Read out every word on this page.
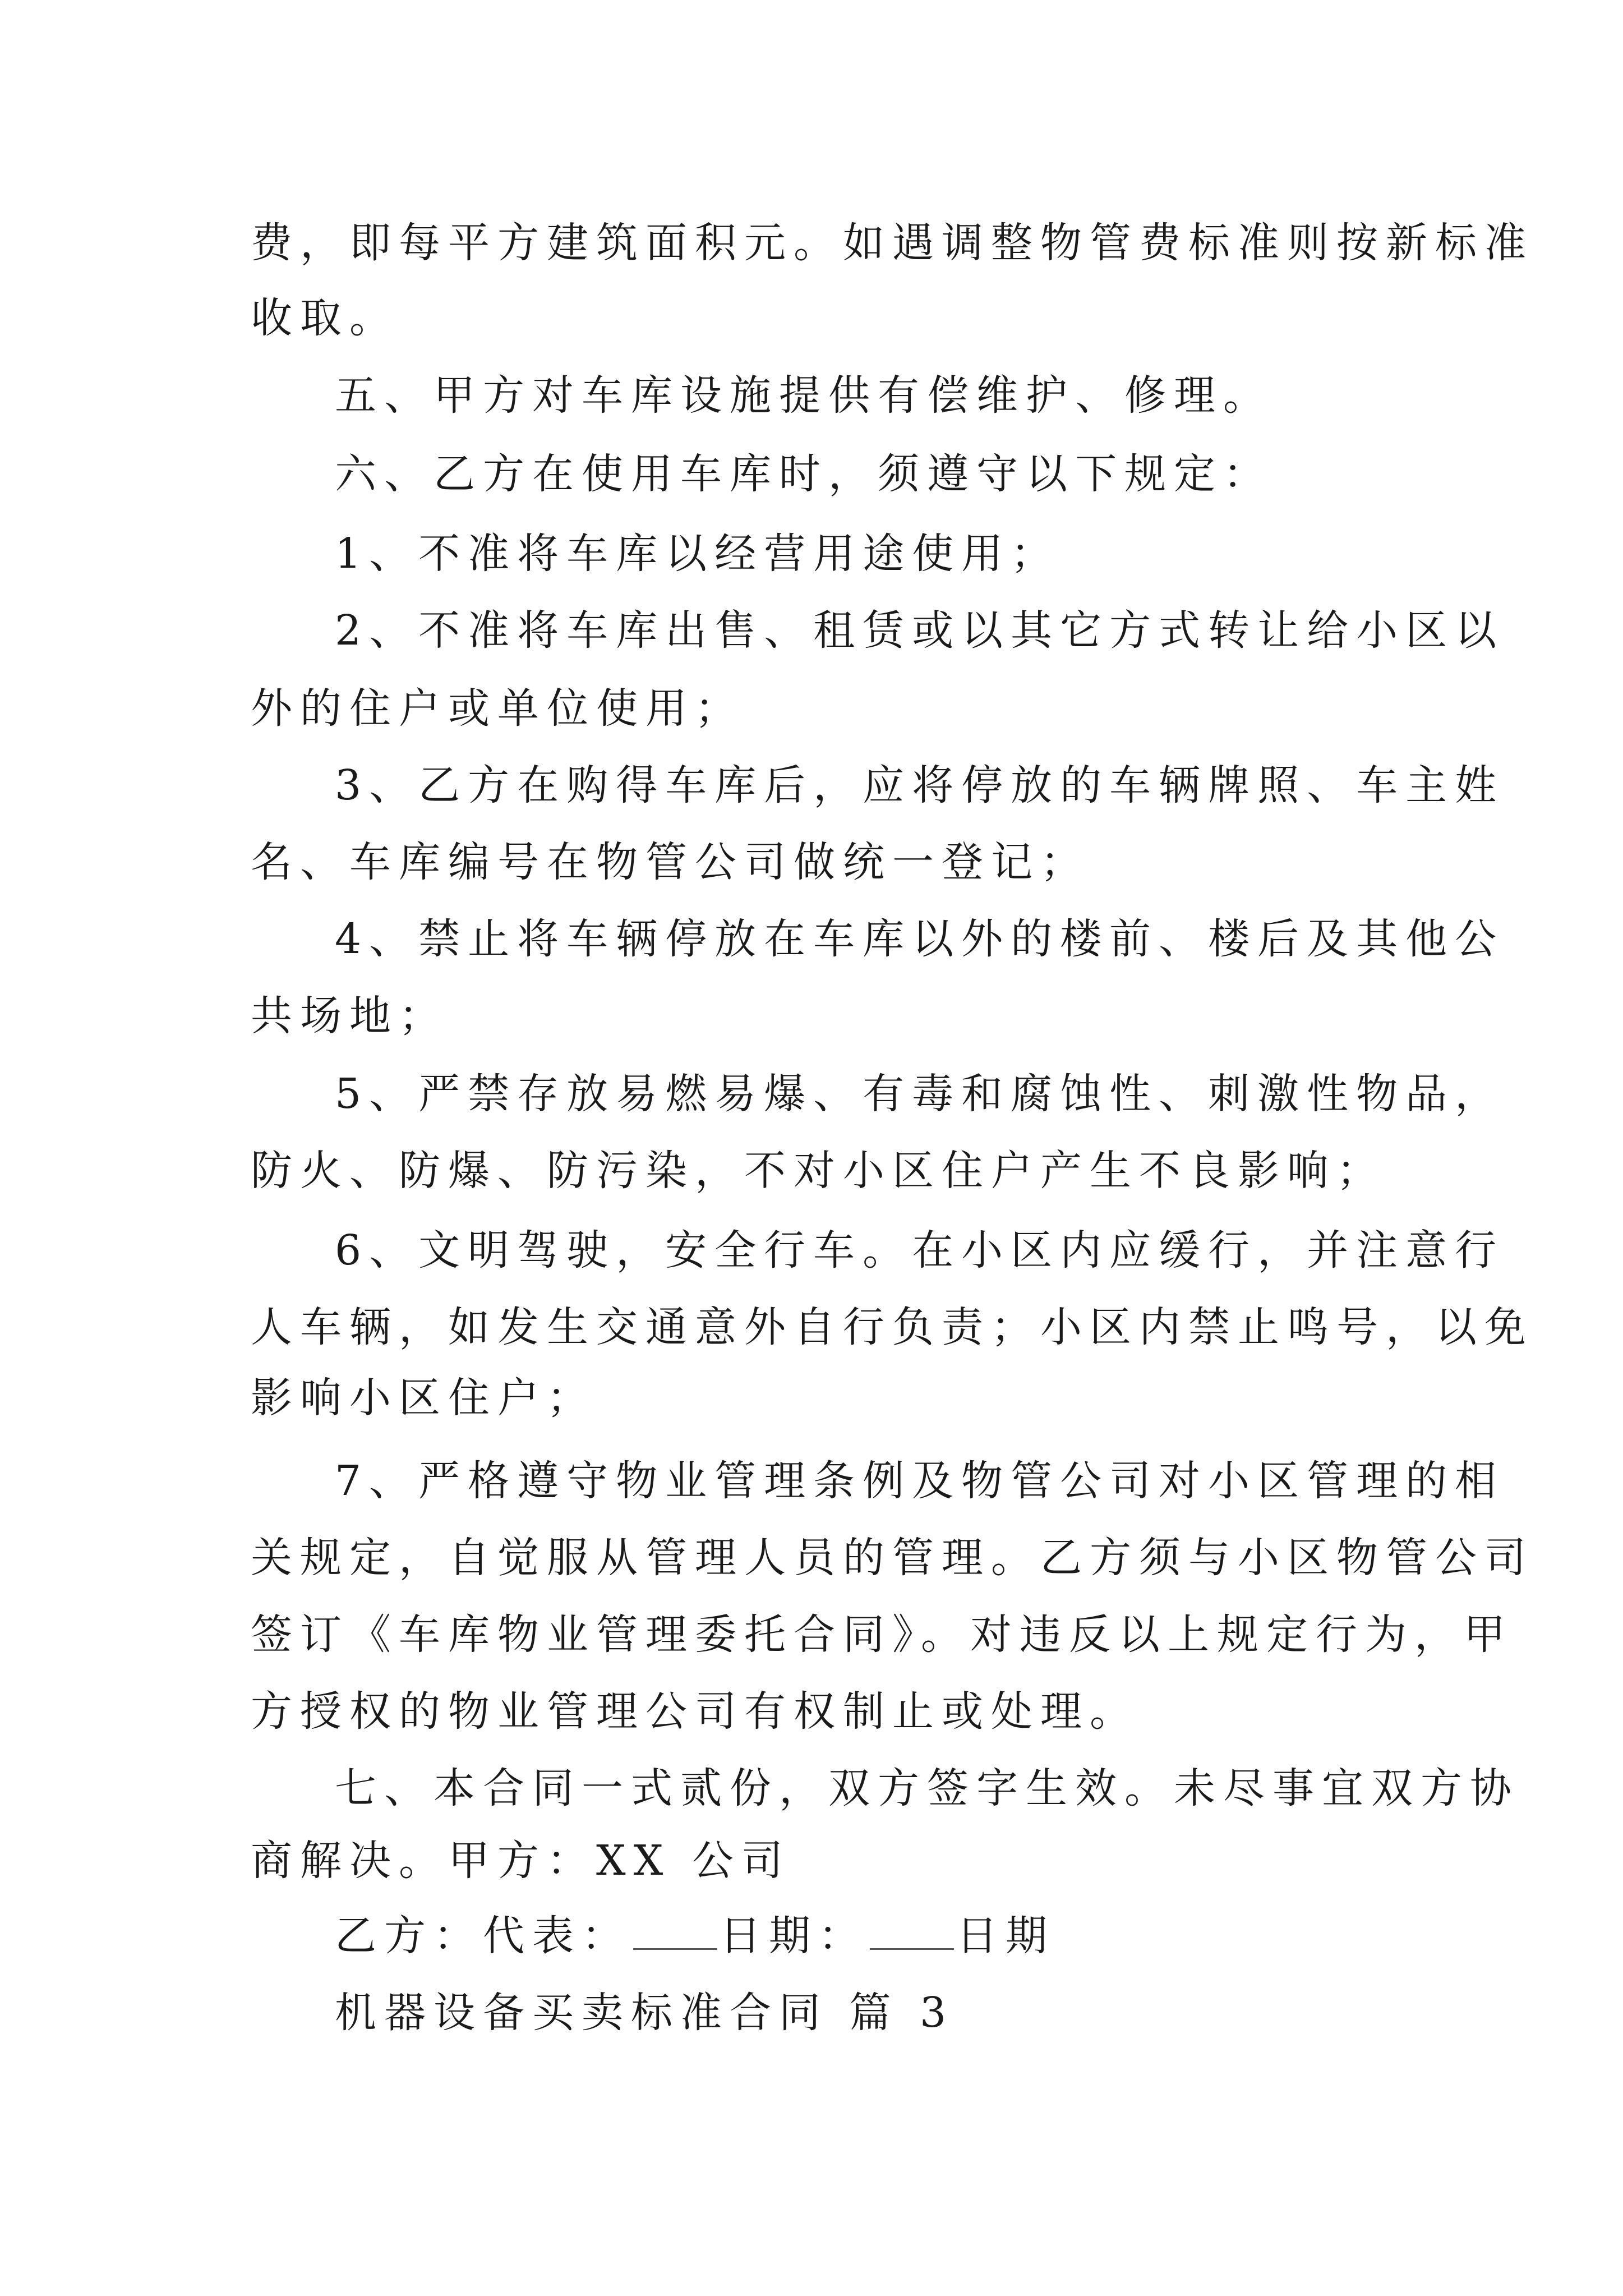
费，即每平方建筑面积元。如遇调整物管费标准则按新标准
收取。
五、甲方对车库设施提供有偿维护、修理。
六、乙方在使用车库时，须遵守以下规定：
1、不准将车库以经营用途使用；
2、不准将车库出售、租赁或以其它方式转让给小区以
外的住户或单位使用；
3、乙方在购得车库后，应将停放的车辆牌照、车主姓
名、车库编号在物管公司做统一登记；
4、禁止将车辆停放在车库以外的楼前、楼后及其他公
共场地；
5、严禁存放易燃易爆、有毒和腐蚀性、刺激性物品，
防火、防爆、防污染，不对小区住户产生不良影响；
6、文明驾驶，安全行车。在小区内应缓行，并注意行
人车辆，如发生交通意外自行负责；小区内禁止鸣号，以免
影响小区住户；
7、严格遵守物业管理条例及物管公司对小区管理的相
关规定，自觉服从管理人员的管理。乙方须与小区物管公司
签订《车库物业管理委托合同》。对违反以上规定行为，甲
方授权的物业管理公司有权制止或处理。
七、本合同一式贰份，双方签字生效。未尽事宜双方协
商解决。甲方：XX 公司
乙方：代表： 日期： 日期
机器设备买卖标准合同 篇 3
